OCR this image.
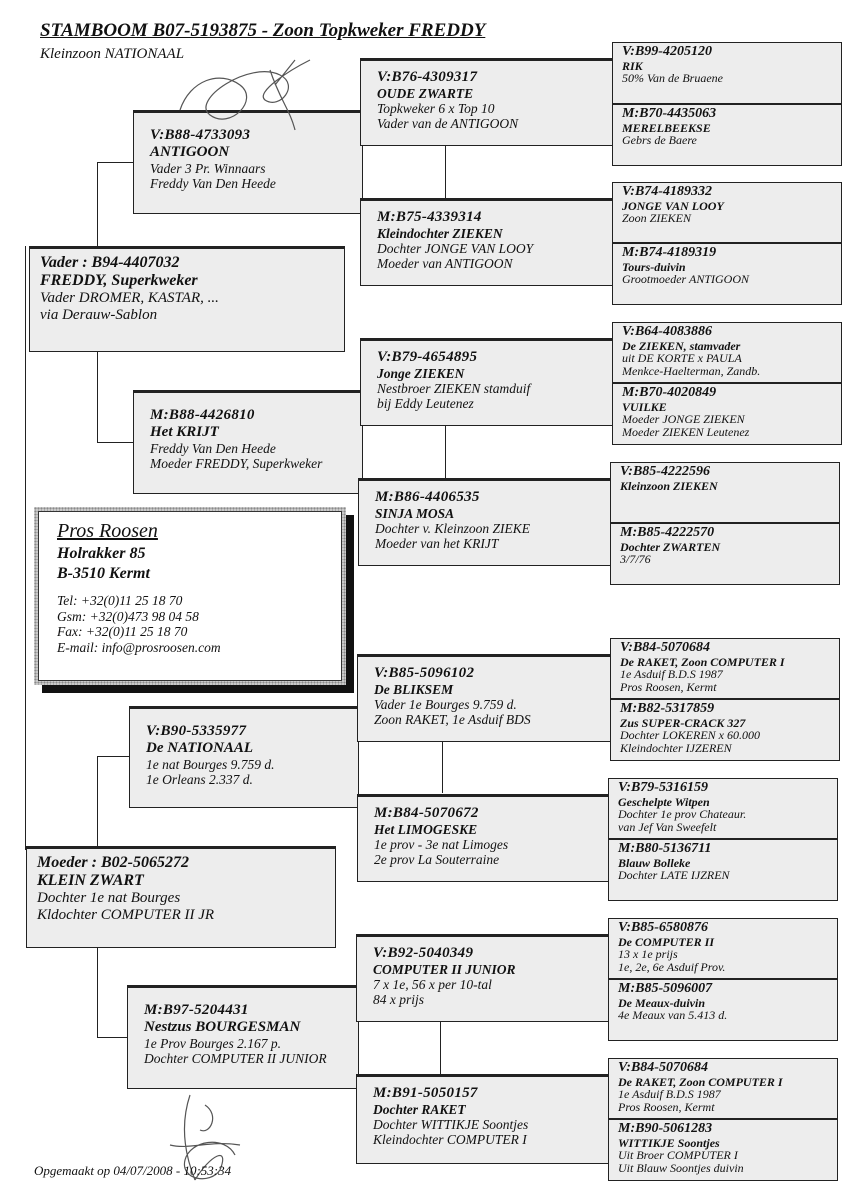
STAMBOOM B07-5193875 - Zoon Topkweker FREDDY
Kleinzoon NATIONAAL
Vader : B94-4407032
FREDDY, Superkweker
Vader DROMER, KASTAR, ...
via Derauw-Sablon
Moeder : B02-5065272
KLEIN ZWART
Dochter 1e nat Bourges
Kldochter COMPUTER II JR
V:B88-4733093
ANTIGOON
Vader 3 Pr. Winnaars
Freddy Van Den Heede
M:B88-4426810
Het KRIJT
Freddy Van Den Heede
Moeder FREDDY, Superkweker
V:B90-5335977
De NATIONAAL
1e nat Bourges 9.759 d.
1e Orleans 2.337 d.
M:B97-5204431
Nestzus BOURGESMAN
1e Prov Bourges 2.167 p.
Dochter COMPUTER II JUNIOR
V:B76-4309317
OUDE ZWARTE
Topkweker 6 x Top 10
Vader van de ANTIGOON
M:B75-4339314
Kleindochter ZIEKEN
Dochter JONGE VAN LOOY
Moeder van ANTIGOON
V:B79-4654895
Jonge ZIEKEN
Nestbroer ZIEKEN stamduif
bij Eddy Leutenez
M:B86-4406535
SINJA MOSA
Dochter v. Kleinzoon ZIEKE
Moeder van het KRIJT
V:B85-5096102
De BLIKSEM
Vader 1e Bourges 9.759 d.
Zoon RAKET, 1e Asduif BDS
M:B84-5070672
Het LIMOGESKE
1e prov - 3e nat Limoges
2e prov La Souterraine
V:B92-5040349
COMPUTER II JUNIOR
7 x 1e, 56 x per 10-tal
84 x prijs
M:B91-5050157
Dochter RAKET
Dochter WITTIKJE Soontjes
Kleindochter COMPUTER I
V:B99-4205120
RIK
50% Van de Bruaene
M:B70-4435063
MERELBEEKSE
Gebrs de Baere
V:B74-4189332
JONGE VAN LOOY
Zoon ZIEKEN
M:B74-4189319
Tours-duivin
Grootmoeder ANTIGOON
V:B64-4083886
De ZIEKEN, stamvader
uit DE KORTE x PAULA
Menkce-Haelterman, Zandb.
M:B70-4020849
VUILKE
Moeder JONGE ZIEKEN
Moeder ZIEKEN Leutenez
V:B85-4222596
Kleinzoon ZIEKEN
M:B85-4222570
Dochter ZWARTEN
3/7/76
V:B84-5070684
De RAKET, Zoon COMPUTER I
1e Asduif B.D.S 1987
Pros Roosen, Kermt
M:B82-5317859
Zus SUPER-CRACK 327
Dochter LOKEREN x 60.000
Kleindochter IJZEREN
V:B79-5316159
Geschelpte Witpen
Dochter 1e prov Chateaur.
van Jef Van Sweefelt
M:B80-5136711
Blauw Bolleke
Dochter LATE IJZREN
V:B85-6580876
De COMPUTER II
13 x 1e prijs
1e, 2e, 6e Asduif Prov.
M:B85-5096007
De Meaux-duivin
4e Meaux van 5.413 d.
V:B84-5070684
De RAKET, Zoon COMPUTER I
1e Asduif B.D.S 1987
Pros Roosen, Kermt
M:B90-5061283
WITTIKJE Soontjes
Uit Broer COMPUTER I
Uit Blauw Soontjes duivin
Pros Roosen
Holrakker 85
B-3510 Kermt
Tel: +32(0)11 25 18 70
Gsm: +32(0)473 98 04 58
Fax: +32(0)11 25 18 70
E-mail: info@prosroosen.com
Opgemaakt op 04/07/2008 - 10:53:34
